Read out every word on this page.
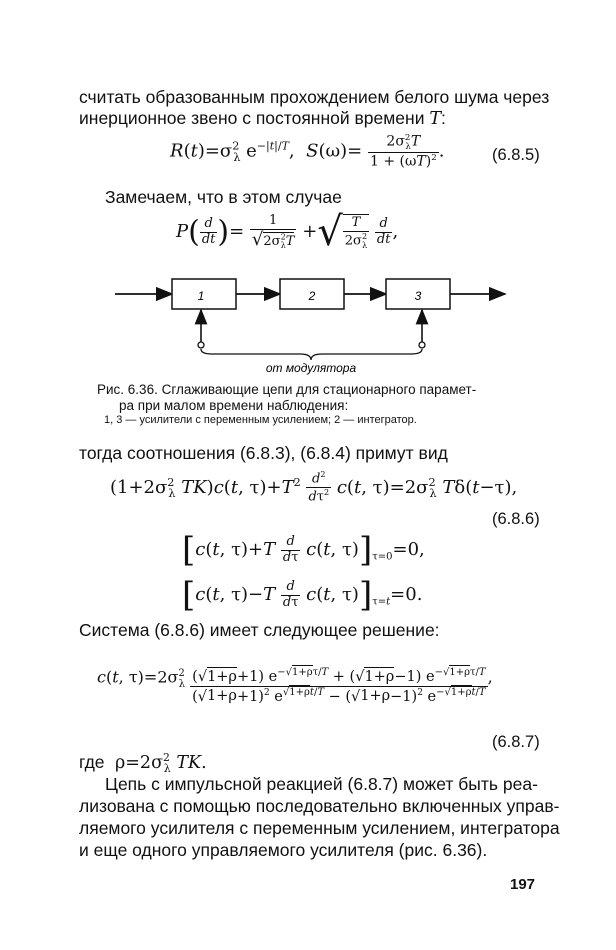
считать образованным прохождением белого шума через
инерционное звено с постоянной времени T:
$R(t)=\sigma^2_\lambda$ $e^{-|t|/T}$,  $S(\omega)= \frac{2\sigma^2_\lambda T}{1 + (\omega T)^2}$ .	(6.8.5)
Замечаем, что в этом случае
$P( \frac{d}{dt}$ )= $\frac{1}{√2\sigma^2_\lambda T}$ +√ $\frac{T}{2\sigma^2_\lambda}$
$\frac{d}{dt}$ ,
1	2	3
от модулятора
Рис. 6.36. Сглаживающие цепи для стационарного парамет-
ра при малом времени наблюдения:
1, 3 — усилители с переменным усилением; 2 — интегратор.
тогда соотношения (6.8.3), (6.8.4) примут вид
($1+2\sigma^2_\lambda$ TK)c(t, $\tau)+T^2 \frac{d^2}{d\tau^2} c(t$, $\tau)=2\sigma^2_\lambda$ Tδ(t−τ),
(6.8.6)
[c(t, $\tau)+T \frac{d}{d\tau} c(t$, $\tau)]_{\tau=0}=0$,
[c(t, $\tau)-T \frac{d}{d\tau} c(t$, $\tau)]_{\tau=t}=0$.
Система (6.8.6) имеет следующее решение:
c(t, $\tau)=2\sigma^2_\lambda \frac{(√1+\rho+1) e^{-√1+\rho\tau/T} + (√1+\rho-1) e^{-√1+\rho\tau/T}}{(√1+\rho+1)^2 e^{√1+\rho t/T} - (√1+\rho-1)^2 e^{-√1+\rho t/T}}$ ,
(6.8.7)
где  $\rho=2\sigma^2_\lambda$ TK.
Цепь с импульсной реакцией (6.8.7) может быть реа-
лизована с помощью последовательно включенных управ-
ляемого усилителя с переменным усилением, интегратора
и еще одного управляемого усилителя (рис. 6.36).
197
